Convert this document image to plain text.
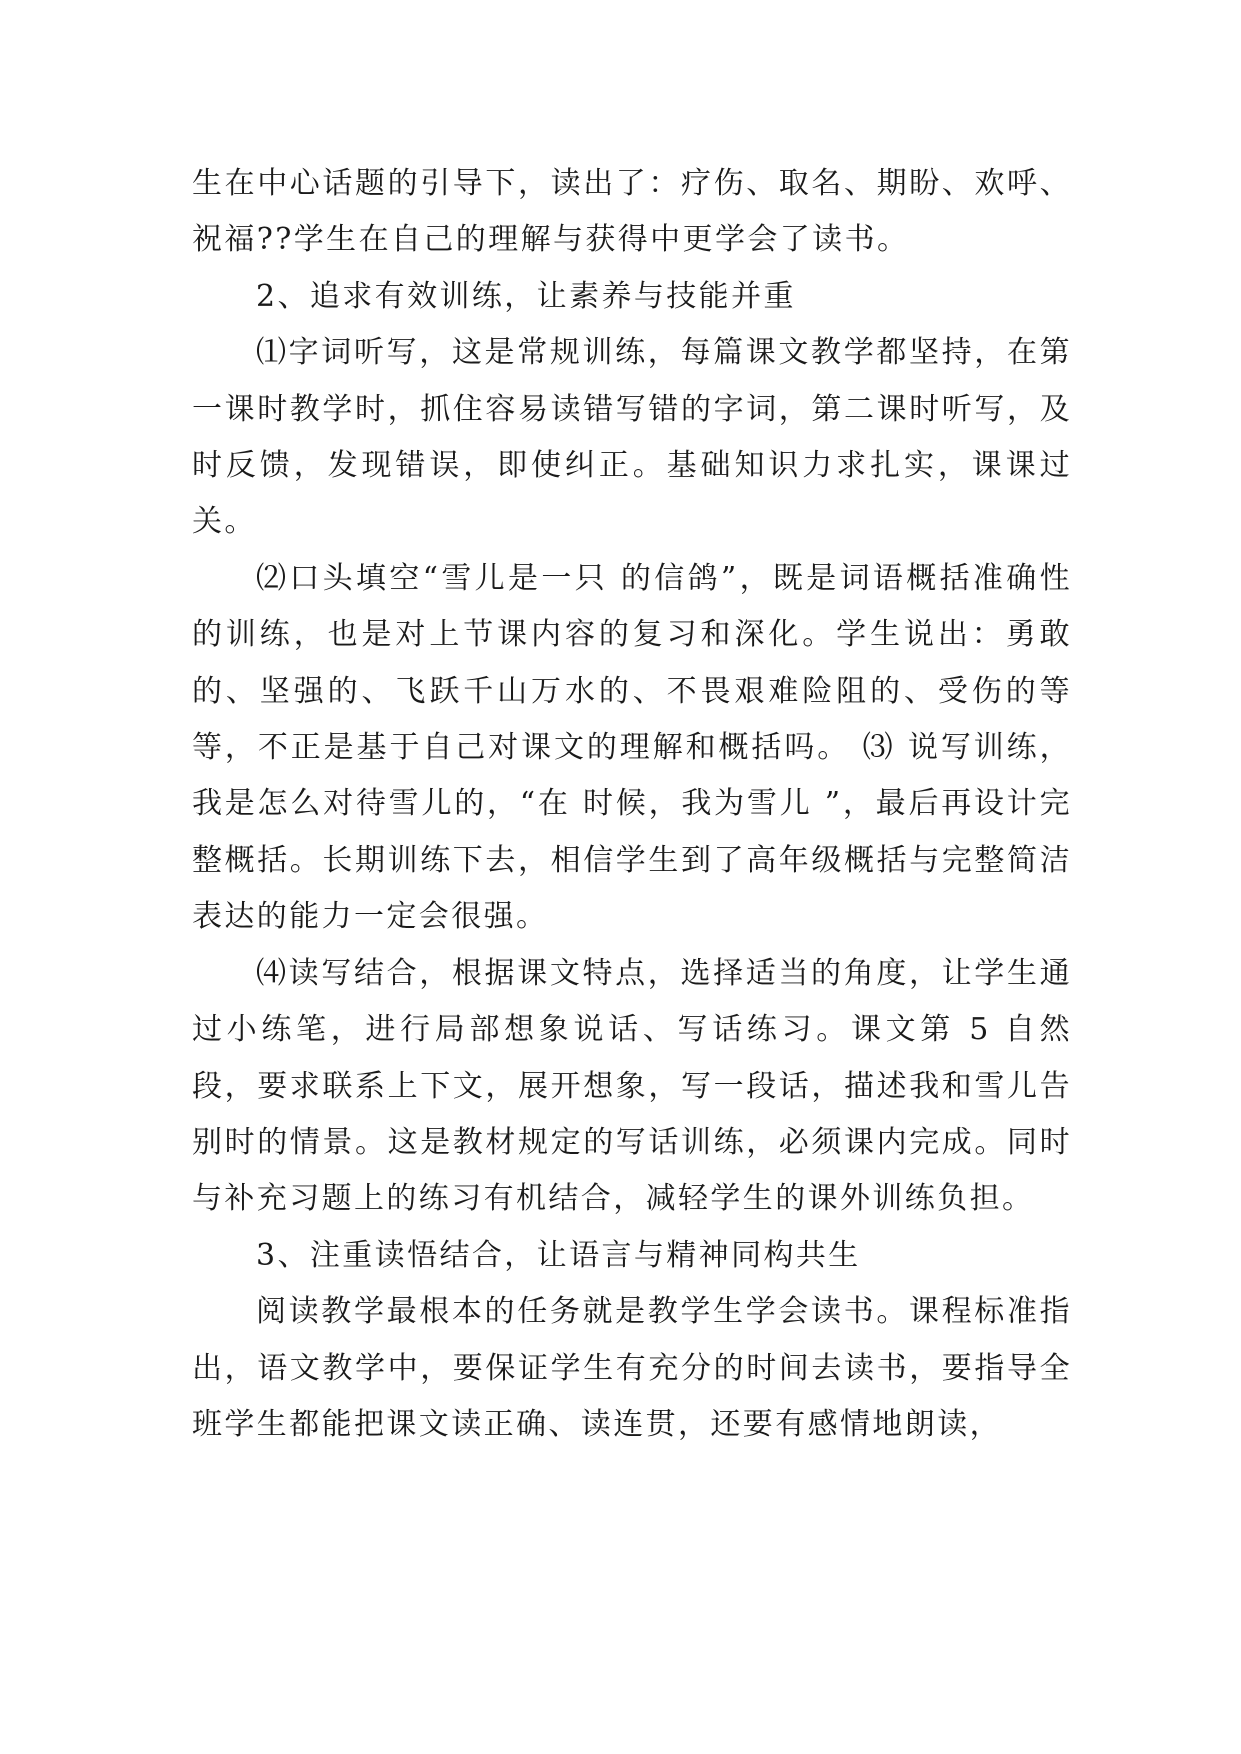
生在中心话题的引导下，读出了：疗伤、取名、期盼、欢呼、祝福??学生在自己的理解与获得中更学会了读书。

2、追求有效训练，让素养与技能并重

⑴字词听写，这是常规训练，每篇课文教学都坚持，在第一课时教学时，抓住容易读错写错的字词，第二课时听写，及时反馈，发现错误，即使纠正。基础知识力求扎实，课课过关。

⑵口头填空“雪儿是一只 的信鸽”，既是词语概括准确性的训练，也是对上节课内容的复习和深化。学生说出：勇敢的、坚强的、飞跃千山万水的、不畏艰难险阻的、受伤的等等，不正是基于自己对课文的理解和概括吗。 ⑶ 说写训练，我是怎么对待雪儿的，“在 时候，我为雪儿 ”，最后再设计完整概括。长期训练下去，相信学生到了高年级概括与完整简洁表达的能力一定会很强。

⑷读写结合，根据课文特点，选择适当的角度，让学生通过小练笔，进行局部想象说话、写话练习。课文第 5 自然段，要求联系上下文，展开想象，写一段话，描述我和雪儿告别时的情景。这是教材规定的写话训练，必须课内完成。同时与补充习题上的练习有机结合，减轻学生的课外训练负担。

3、注重读悟结合，让语言与精神同构共生

阅读教学最根本的任务就是教学生学会读书。课程标准指出，语文教学中，要保证学生有充分的时间去读书，要指导全班学生都能把课文读正确、读连贯，还要有感情地朗读，
